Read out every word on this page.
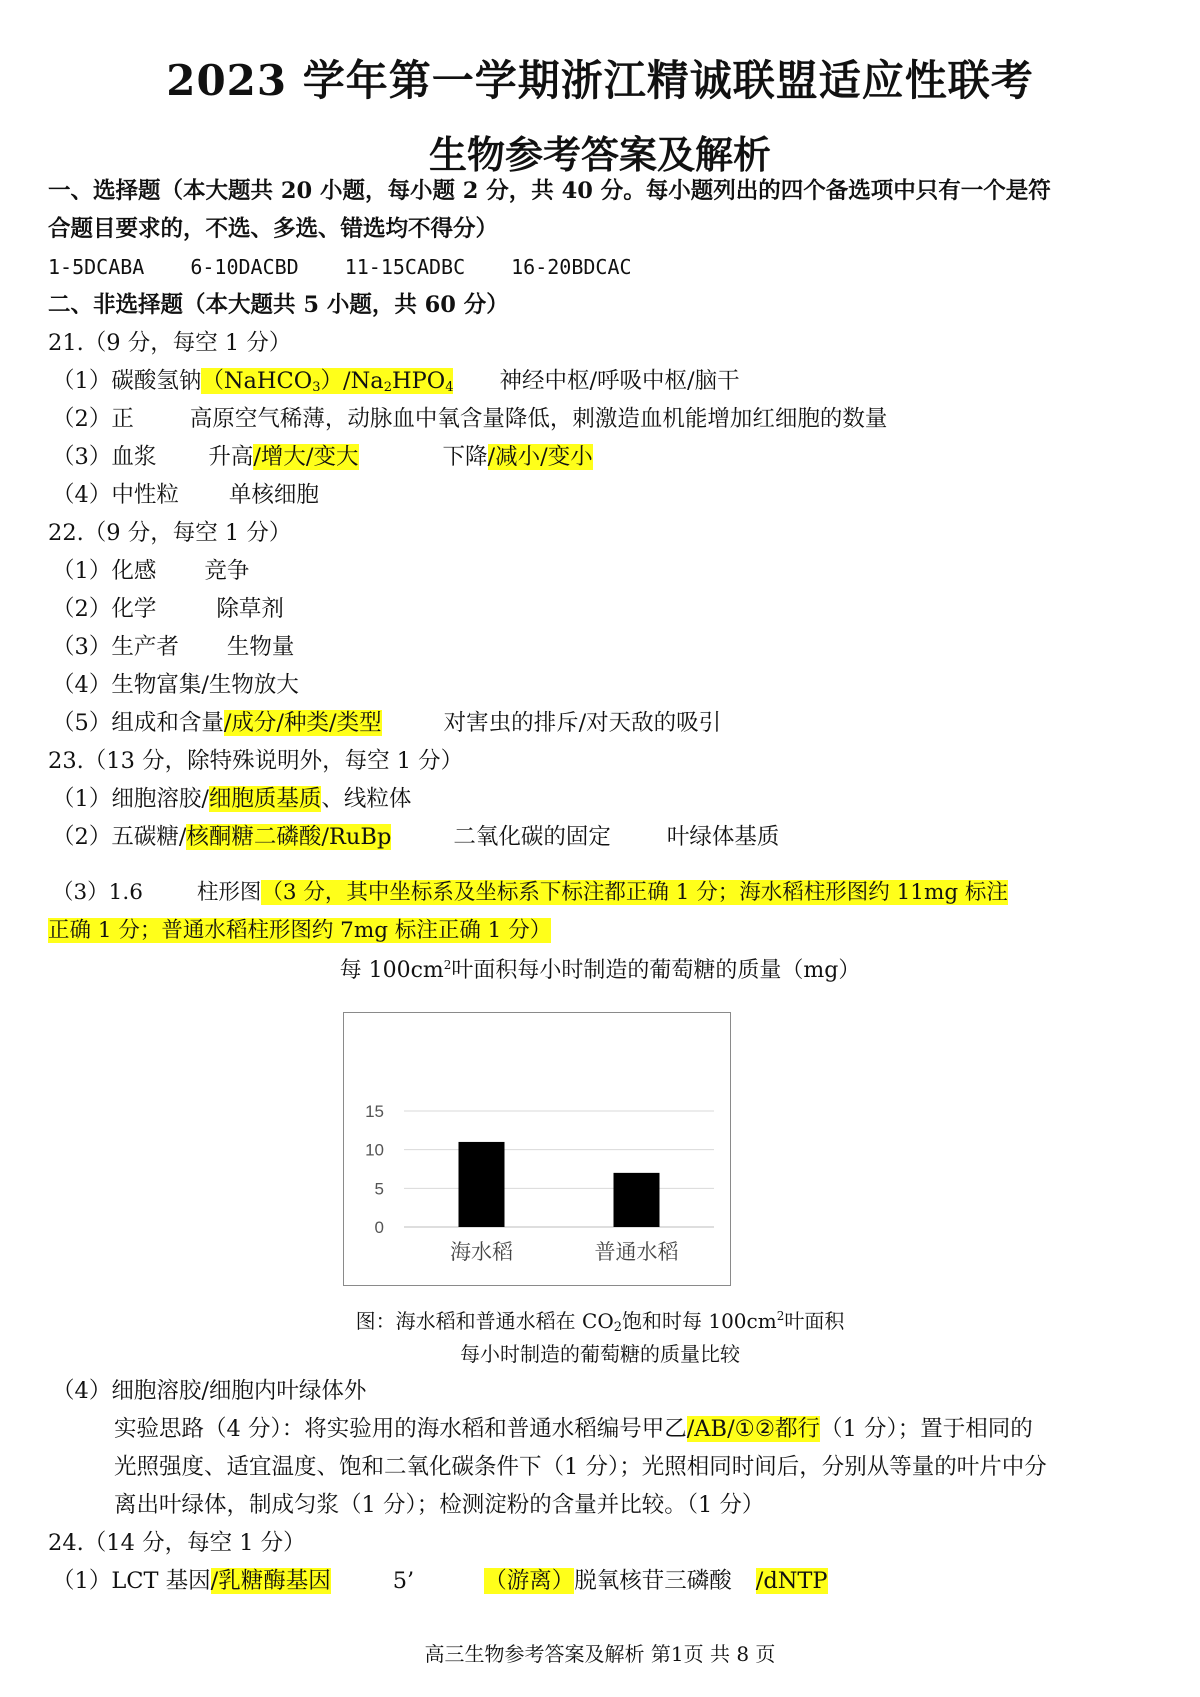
2023 学年第一学期浙江精诚联盟适应性联考
生物参考答案及解析
一、选择题（本大题共 20 小题，每小题 2 分，共 40 分。每小题列出的四个备选项中只有一个是符
合题目要求的，不选、多选、错选均不得分）
1-5DCABA 6-10DACBD 11-15CADBC 16-20BDCAC
二、非选择题（本大题共 5 小题，共 60 分）
21.（9 分，每空 1 分）
（1）碳酸氢钠$(NaHCO_3)/Na_2HPO_4$ 神经中枢/呼吸中枢/脑干
（2）正 高原空气稀薄，动脉血中氧含量降低，刺激造血机能增加红细胞的数量
（3）血浆 升高/增大/变大	下降/减小/变小
（4）中性粒 单核细胞
22.（9 分，每空 1 分）
（1）化感 竞争
（2）化学	除草剂
（3）生产者 生物量
（4）生物富集/生物放大
（5）组成和含量/成分/种类/类型	对害虫的排斥/对天敌的吸引
23.（13 分，除特殊说明外，每空 1 分）
（1）细胞溶胶/细胞质基质、线粒体
（2）五碳糖/核酮糖二磷酸/RuBp	二氧化碳的固定 叶绿体基质
（3）1.6	柱形图（3 分，其中坐标系及坐标系下标注都正确 1 分；海水稻柱形图约 11mg 标注
正确 1 分；普通水稻柱形图约 7mg 标注正确 1 分）
每 $100cm^2$叶面积每小时制造的葡萄糖的质量（mg）
0
5
10
15
海水稻	普通水稻
图：海水稻和普通水稻在 $CO_2$饱和时每 $100cm^2$叶面积
每小时制造的葡萄糖的质量比较
（4）细胞溶胶/细胞内叶绿体外
实验思路（4 分）：将实验用的海水稻和普通水稻编号甲乙/AB/①②都行（1 分）；置于相同的
光照强度、适宜温度、饱和二氧化碳条件下（1 分）；光照相同时间后，分别从等量的叶片中分
离出叶绿体，制成匀浆（1 分）；检测淀粉的含量并比较。（1 分）
24.（14 分，每空 1 分）
（1）LCT 基因/乳糖酶基因	5’	（游离）脱氧核苷三磷酸 /dNTP
高三生物参考答案及解析 第1页 共 8 页
